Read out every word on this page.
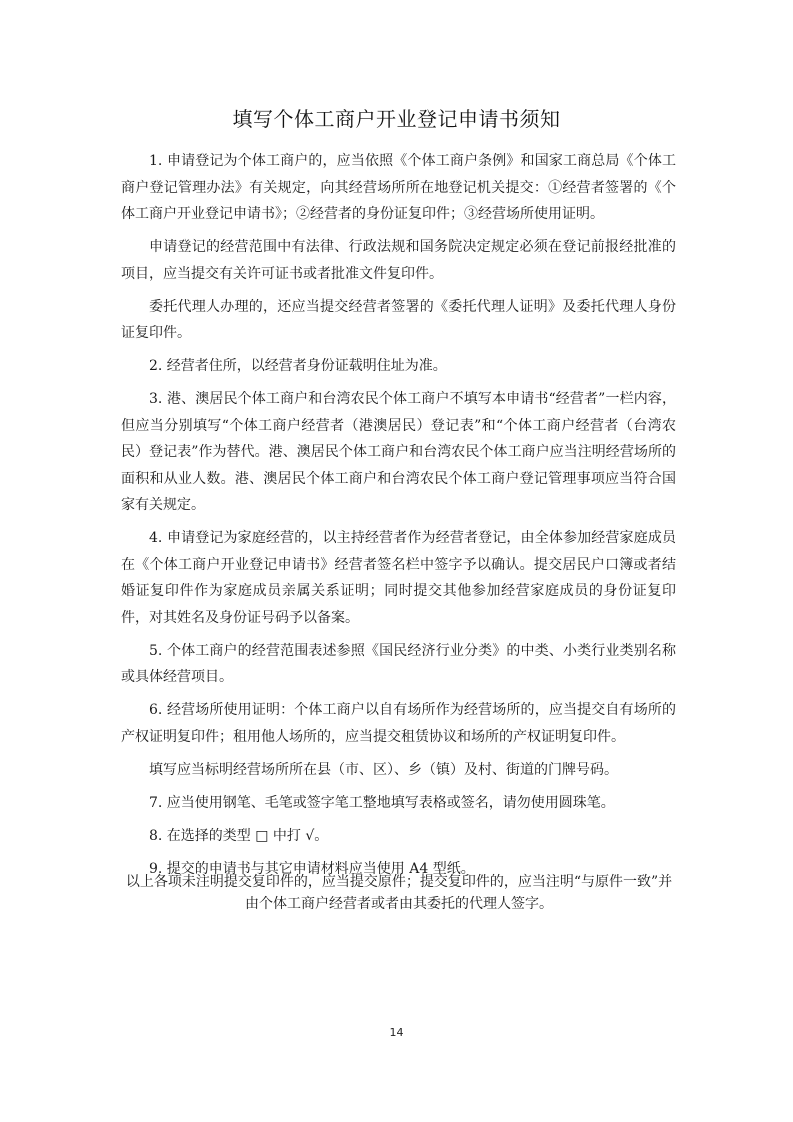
填写个体工商户开业登记申请书须知

1. 申请登记为个体工商户的，应当依照《个体工商户条例》和国家工商总局《个体工商户登记管理办法》有关规定，向其经营场所所在地登记机关提交：①经营者签署的《个体工商户开业登记申请书》；②经营者的身份证复印件；③经营场所使用证明。

申请登记的经营范围中有法律、行政法规和国务院决定规定必须在登记前报经批准的项目，应当提交有关许可证书或者批准文件复印件。

委托代理人办理的，还应当提交经营者签署的《委托代理人证明》及委托代理人身份证复印件。

2. 经营者住所，以经营者身份证载明住址为准。

3. 港、澳居民个体工商户和台湾农民个体工商户不填写本申请书“经营者”一栏内容，但应当分别填写“个体工商户经营者（港澳居民）登记表”和“个体工商户经营者（台湾农民）登记表”作为替代。港、澳居民个体工商户和台湾农民个体工商户应当注明经营场所的面积和从业人数。港、澳居民个体工商户和台湾农民个体工商户登记管理事项应当符合国家有关规定。

4. 申请登记为家庭经营的，以主持经营者作为经营者登记，由全体参加经营家庭成员在《个体工商户开业登记申请书》经营者签名栏中签字予以确认。提交居民户口簿或者结婚证复印件作为家庭成员亲属关系证明；同时提交其他参加经营家庭成员的身份证复印件，对其姓名及身份证号码予以备案。

5. 个体工商户的经营范围表述参照《国民经济行业分类》的中类、小类行业类别名称或具体经营项目。

6. 经营场所使用证明：个体工商户以自有场所作为经营场所的，应当提交自有场所的产权证明复印件；租用他人场所的，应当提交租赁协议和场所的产权证明复印件。

填写应当标明经营场所所在县（市、区）、乡（镇）及村、街道的门牌号码。

7. 应当使用钢笔、毛笔或签字笔工整地填写表格或签名，请勿使用圆珠笔。

8. 在选择的类型 □ 中打 √。

9. 提交的申请书与其它申请材料应当使用 A4 型纸。

以上各项未注明提交复印件的，应当提交原件；提交复印件的，应当注明“与原件一致”并

由个体工商户经营者或者由其委托的代理人签字。

14
